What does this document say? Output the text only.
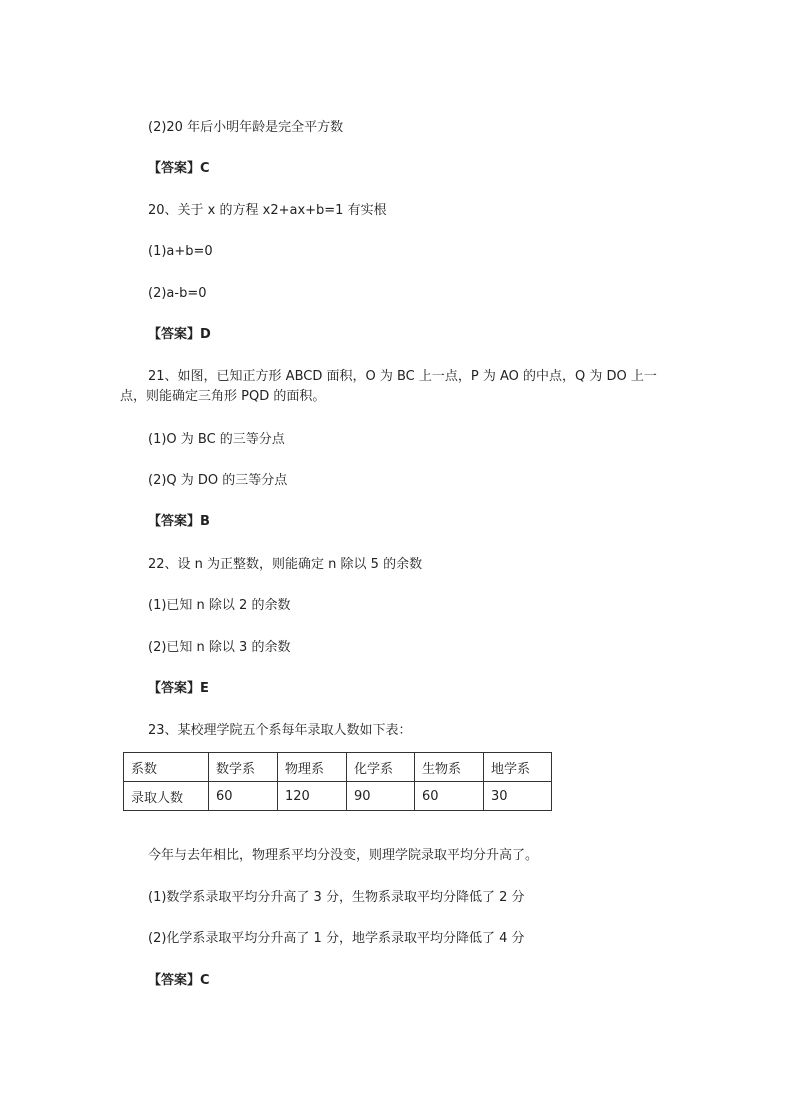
(2)20 年后小明年龄是完全平方数
【答案】C
20、关于 x 的方程 x2+ax+b=1 有实根
(1)a+b=0
(2)a-b=0
【答案】D
21、如图，已知正方形 ABCD 面积，O 为 BC 上一点，P 为 AO 的中点，Q 为 DO 上一点，则能确定三角形 PQD 的面积。
(1)O 为 BC 的三等分点
(2)Q 为 DO 的三等分点
【答案】B
22、设 n 为正整数，则能确定 n 除以 5 的余数
(1)已知 n 除以 2 的余数
(2)已知 n 除以 3 的余数
【答案】E
23、某校理学院五个系每年录取人数如下表：
系数	数学系	物理系	化学系	生物系	地学系
录取人数	60	120	90	60	30
今年与去年相比，物理系平均分没变，则理学院录取平均分升高了。
(1)数学系录取平均分升高了 3 分，生物系录取平均分降低了 2 分
(2)化学系录取平均分升高了 1 分，地学系录取平均分降低了 4 分
【答案】C
